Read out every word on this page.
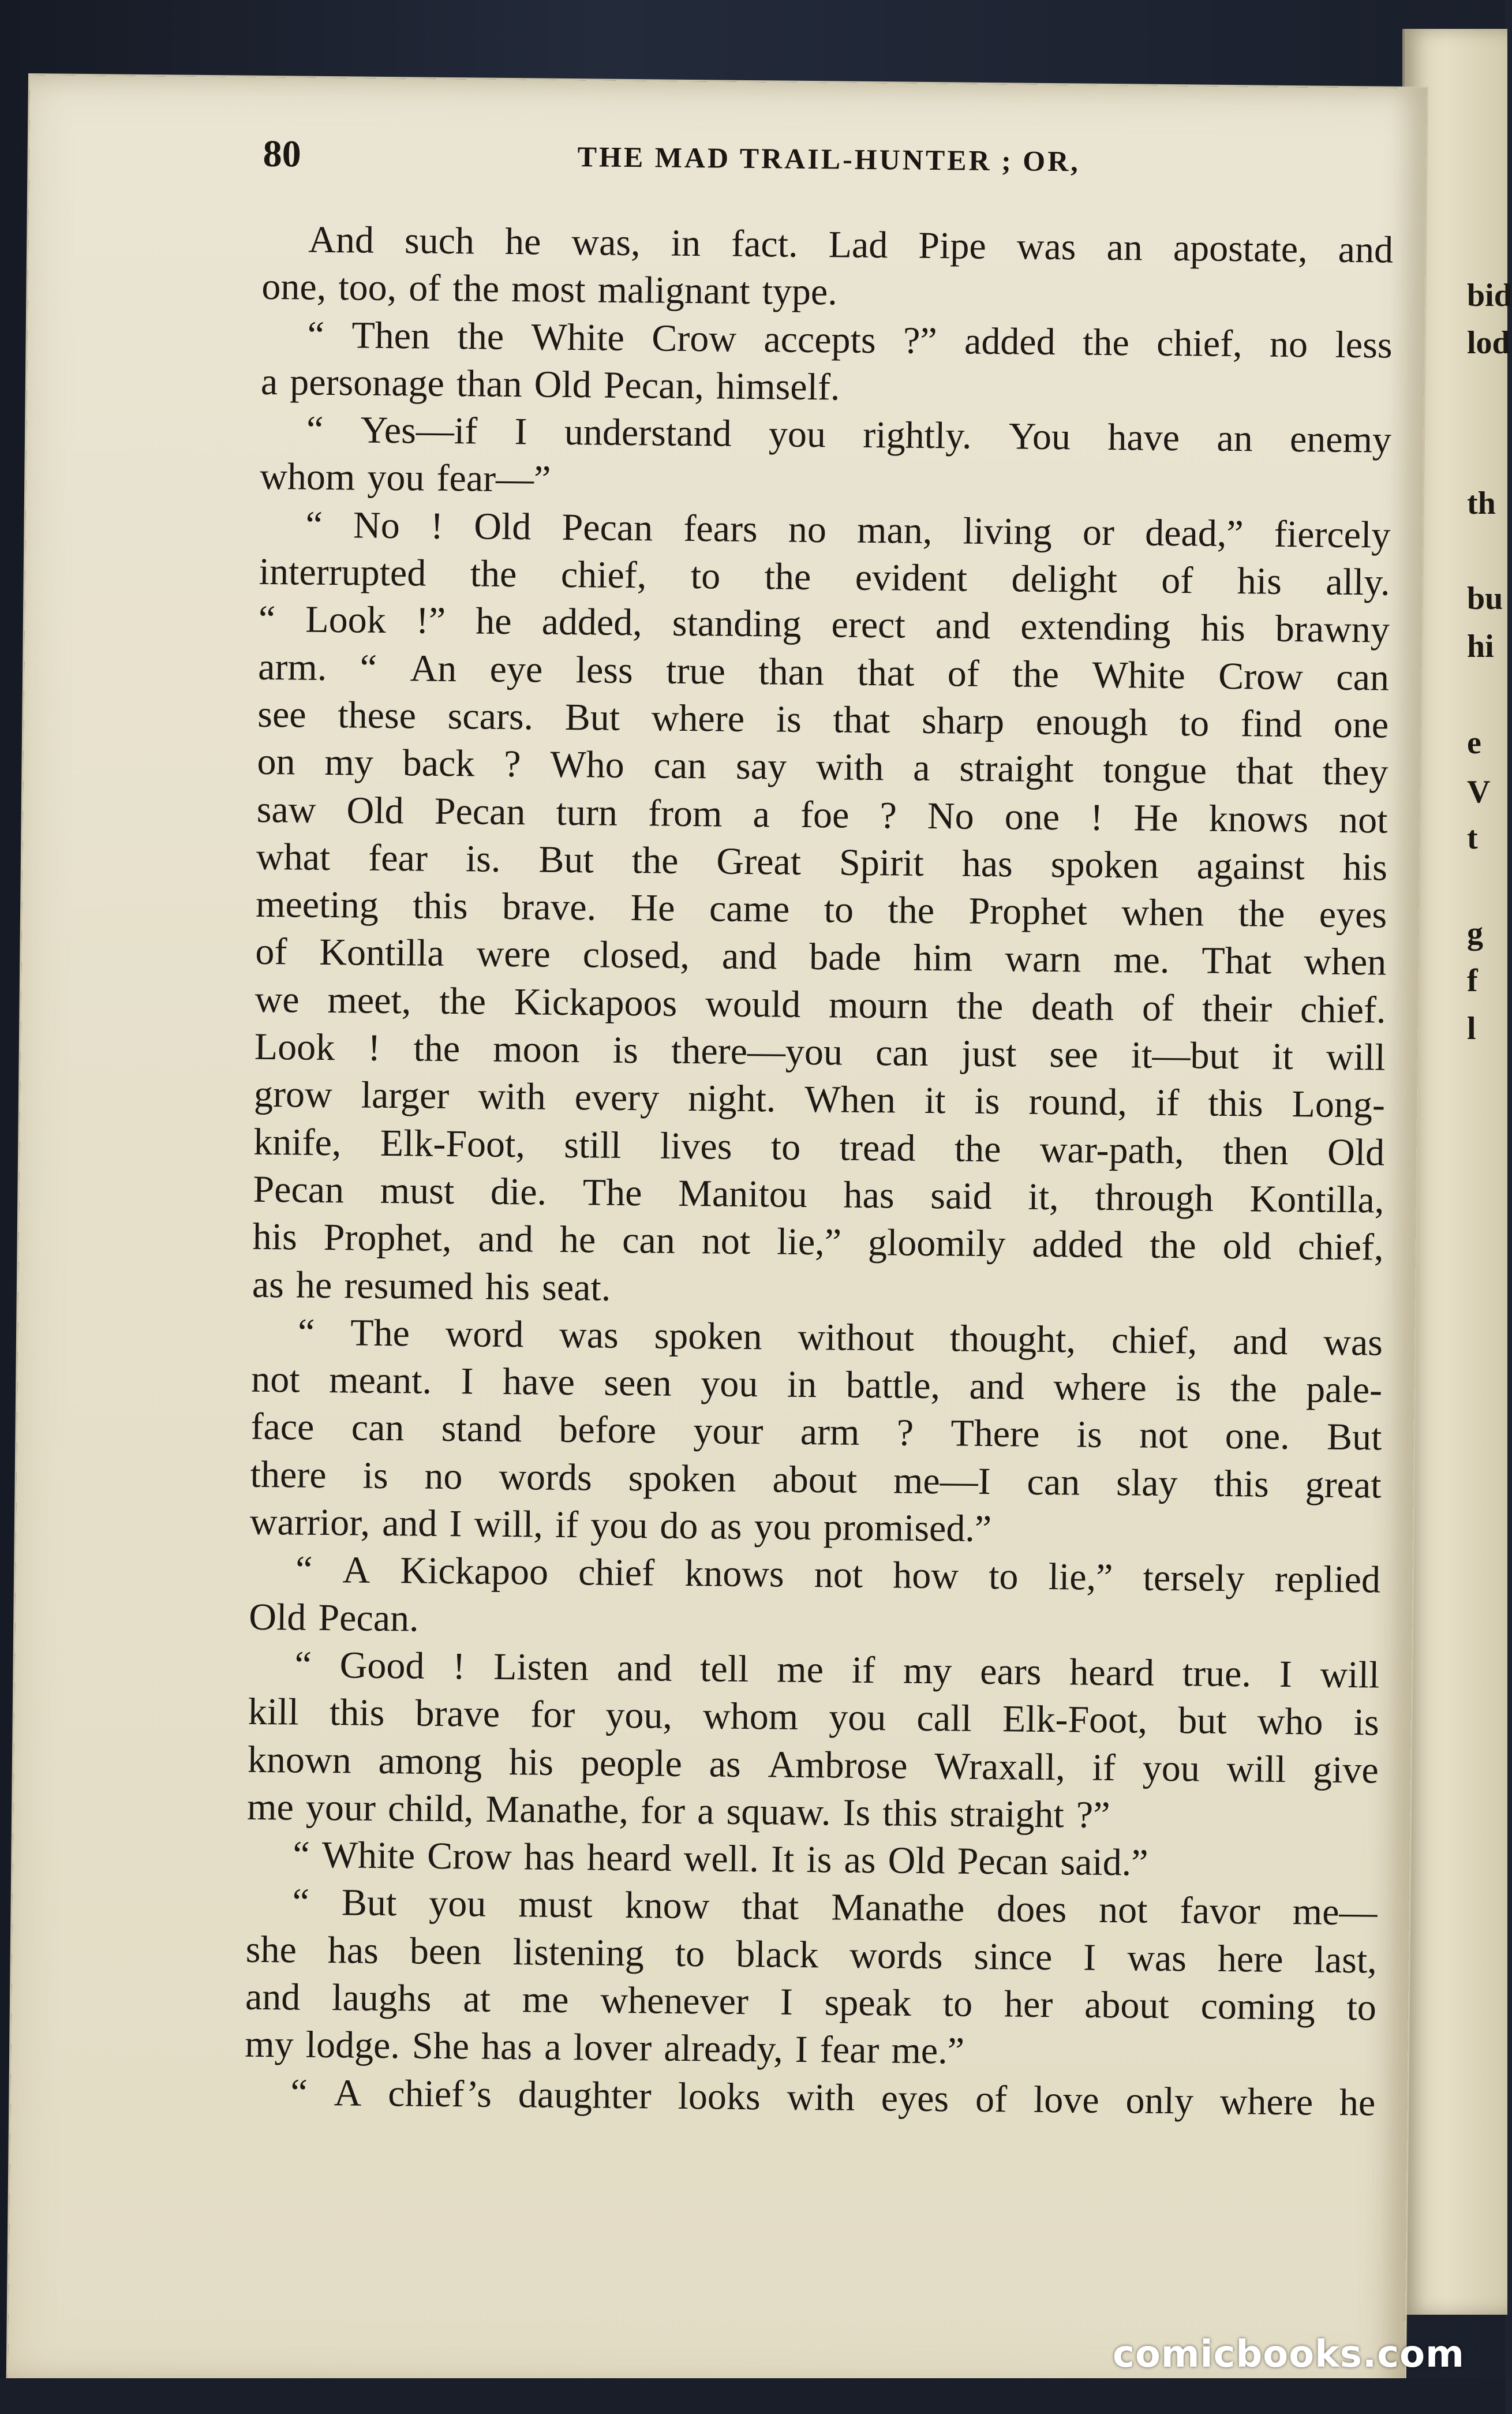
bid
lod
th
bu
hi
e
V
t
g
f
l
80	THE MAD TRAIL-HUNTER ; OR,
And such he was, in fact. Lad Pipe was an apostate, and
one, too, of the most malignant type.
“ Then the White Crow accepts ?” added the chief, no less
a personage than Old Pecan, himself.
“ Yes—if I understand you rightly. You have an enemy
whom you fear—”
“ No ! Old Pecan fears no man, living or dead,” fiercely
interrupted the chief, to the evident delight of his ally.
“ Look !” he added, standing erect and extending his brawny
arm. “ An eye less true than that of the White Crow can
see these scars. But where is that sharp enough to find one
on my back ? Who can say with a straight tongue that they
saw Old Pecan turn from a foe ? No one ! He knows not
what fear is. But the Great Spirit has spoken against his
meeting this brave. He came to the Prophet when the eyes
of Kontilla were closed, and bade him warn me. That when
we meet, the Kickapoos would mourn the death of their chief.
Look ! the moon is there—you can just see it—but it will
grow larger with every night. When it is round, if this Long-
knife, Elk-Foot, still lives to tread the war-path, then Old
Pecan must die. The Manitou has said it, through Kontilla,
his Prophet, and he can not lie,” gloomily added the old chief,
as he resumed his seat.
“ The word was spoken without thought, chief, and was
not meant. I have seen you in battle, and where is the pale-
face can stand before your arm ? There is not one. But
there is no words spoken about me—I can slay this great
warrior, and I will, if you do as you promised.”
“ A Kickapoo chief knows not how to lie,” tersely replied
Old Pecan.
“ Good ! Listen and tell me if my ears heard true. I will
kill this brave for you, whom you call Elk-Foot, but who is
known among his people as Ambrose Wraxall, if you will give
me your child, Manathe, for a squaw. Is this straight ?”
“ White Crow has heard well. It is as Old Pecan said.”
“ But you must know that Manathe does not favor me—
she has been listening to black words since I was here last,
and laughs at me whenever I speak to her about coming to
my lodge. She has a lover already, I fear me.”
“ A chief’s daughter looks with eyes of love only where he
comicbooks.com
